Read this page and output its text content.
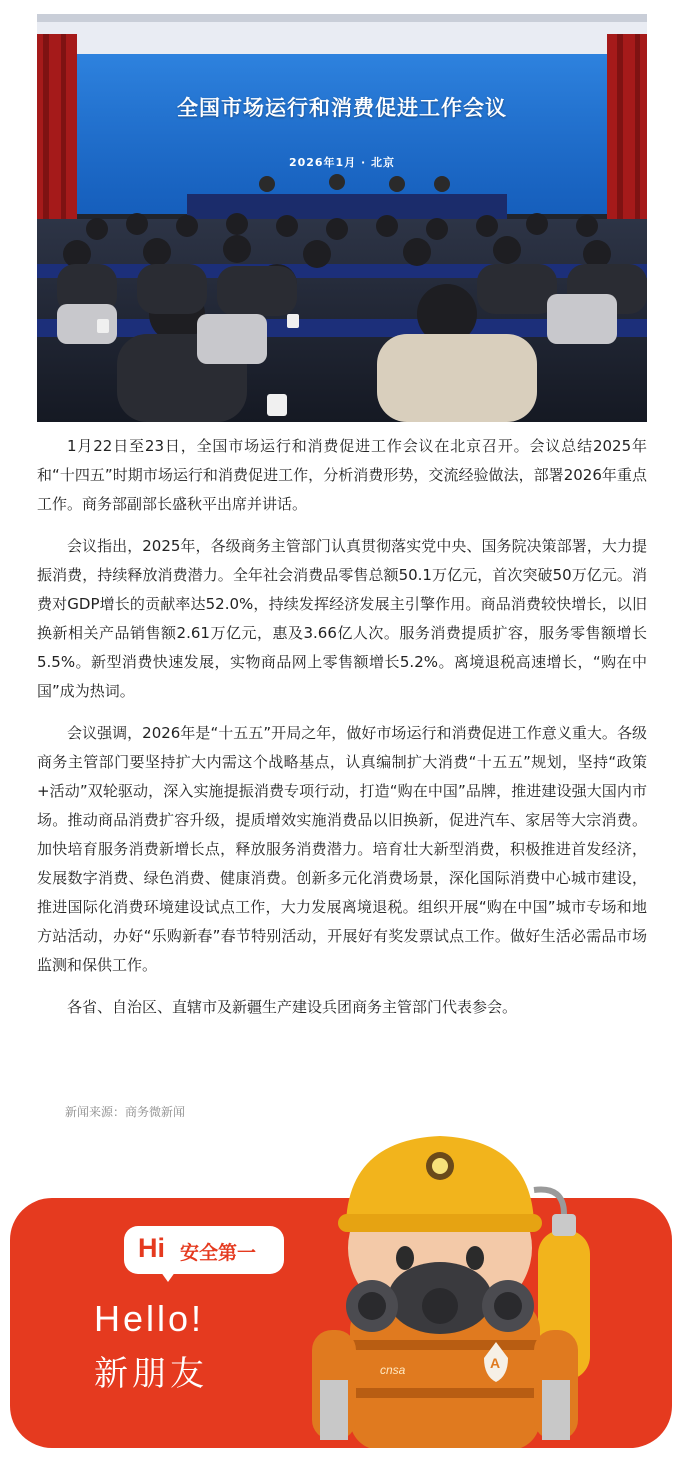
全国市场运行和消费促进工作会议
2026年1月 · 北京

1月22日至23日，全国市场运行和消费促进工作会议在北京召开。会议总结2025年和“十四五”时期市场运行和消费促进工作，分析消费形势，交流经验做法，部署2026年重点工作。商务部副部长盛秋平出席并讲话。

会议指出，2025年，各级商务主管部门认真贯彻落实党中央、国务院决策部署，大力提振消费，持续释放消费潜力。全年社会消费品零售总额50.1万亿元，首次突破50万亿元。消费对GDP增长的贡献率达52.0%，持续发挥经济发展主引擎作用。商品消费较快增长，以旧换新相关产品销售额2.61万亿元，惠及3.66亿人次。服务消费提质扩容，服务零售额增长5.5%。新型消费快速发展，实物商品网上零售额增长5.2%。离境退税高速增长，“购在中国”成为热词。

会议强调，2026年是“十五五”开局之年，做好市场运行和消费促进工作意义重大。各级商务主管部门要坚持扩大内需这个战略基点，认真编制扩大消费“十五五”规划，坚持“政策+活动”双轮驱动，深入实施提振消费专项行动，打造“购在中国”品牌，推进建设强大国内市场。推动商品消费扩容升级，提质增效实施消费品以旧换新，促进汽车、家居等大宗消费。加快培育服务消费新增长点，释放服务消费潜力。培育壮大新型消费，积极推进首发经济，发展数字消费、绿色消费、健康消费。创新多元化消费场景，深化国际消费中心城市建设，推进国际化消费环境建设试点工作，大力发展离境退税。组织开展“购在中国”城市专场和地方站活动，办好“乐购新春”春节特别活动，开展好有奖发票试点工作。做好生活必需品市场监测和保供工作。

各省、自治区、直辖市及新疆生产建设兵团商务主管部门代表参会。

新闻来源：商务微新闻
Hi 安全第一
Hello!
新朋友	cnsa	A
